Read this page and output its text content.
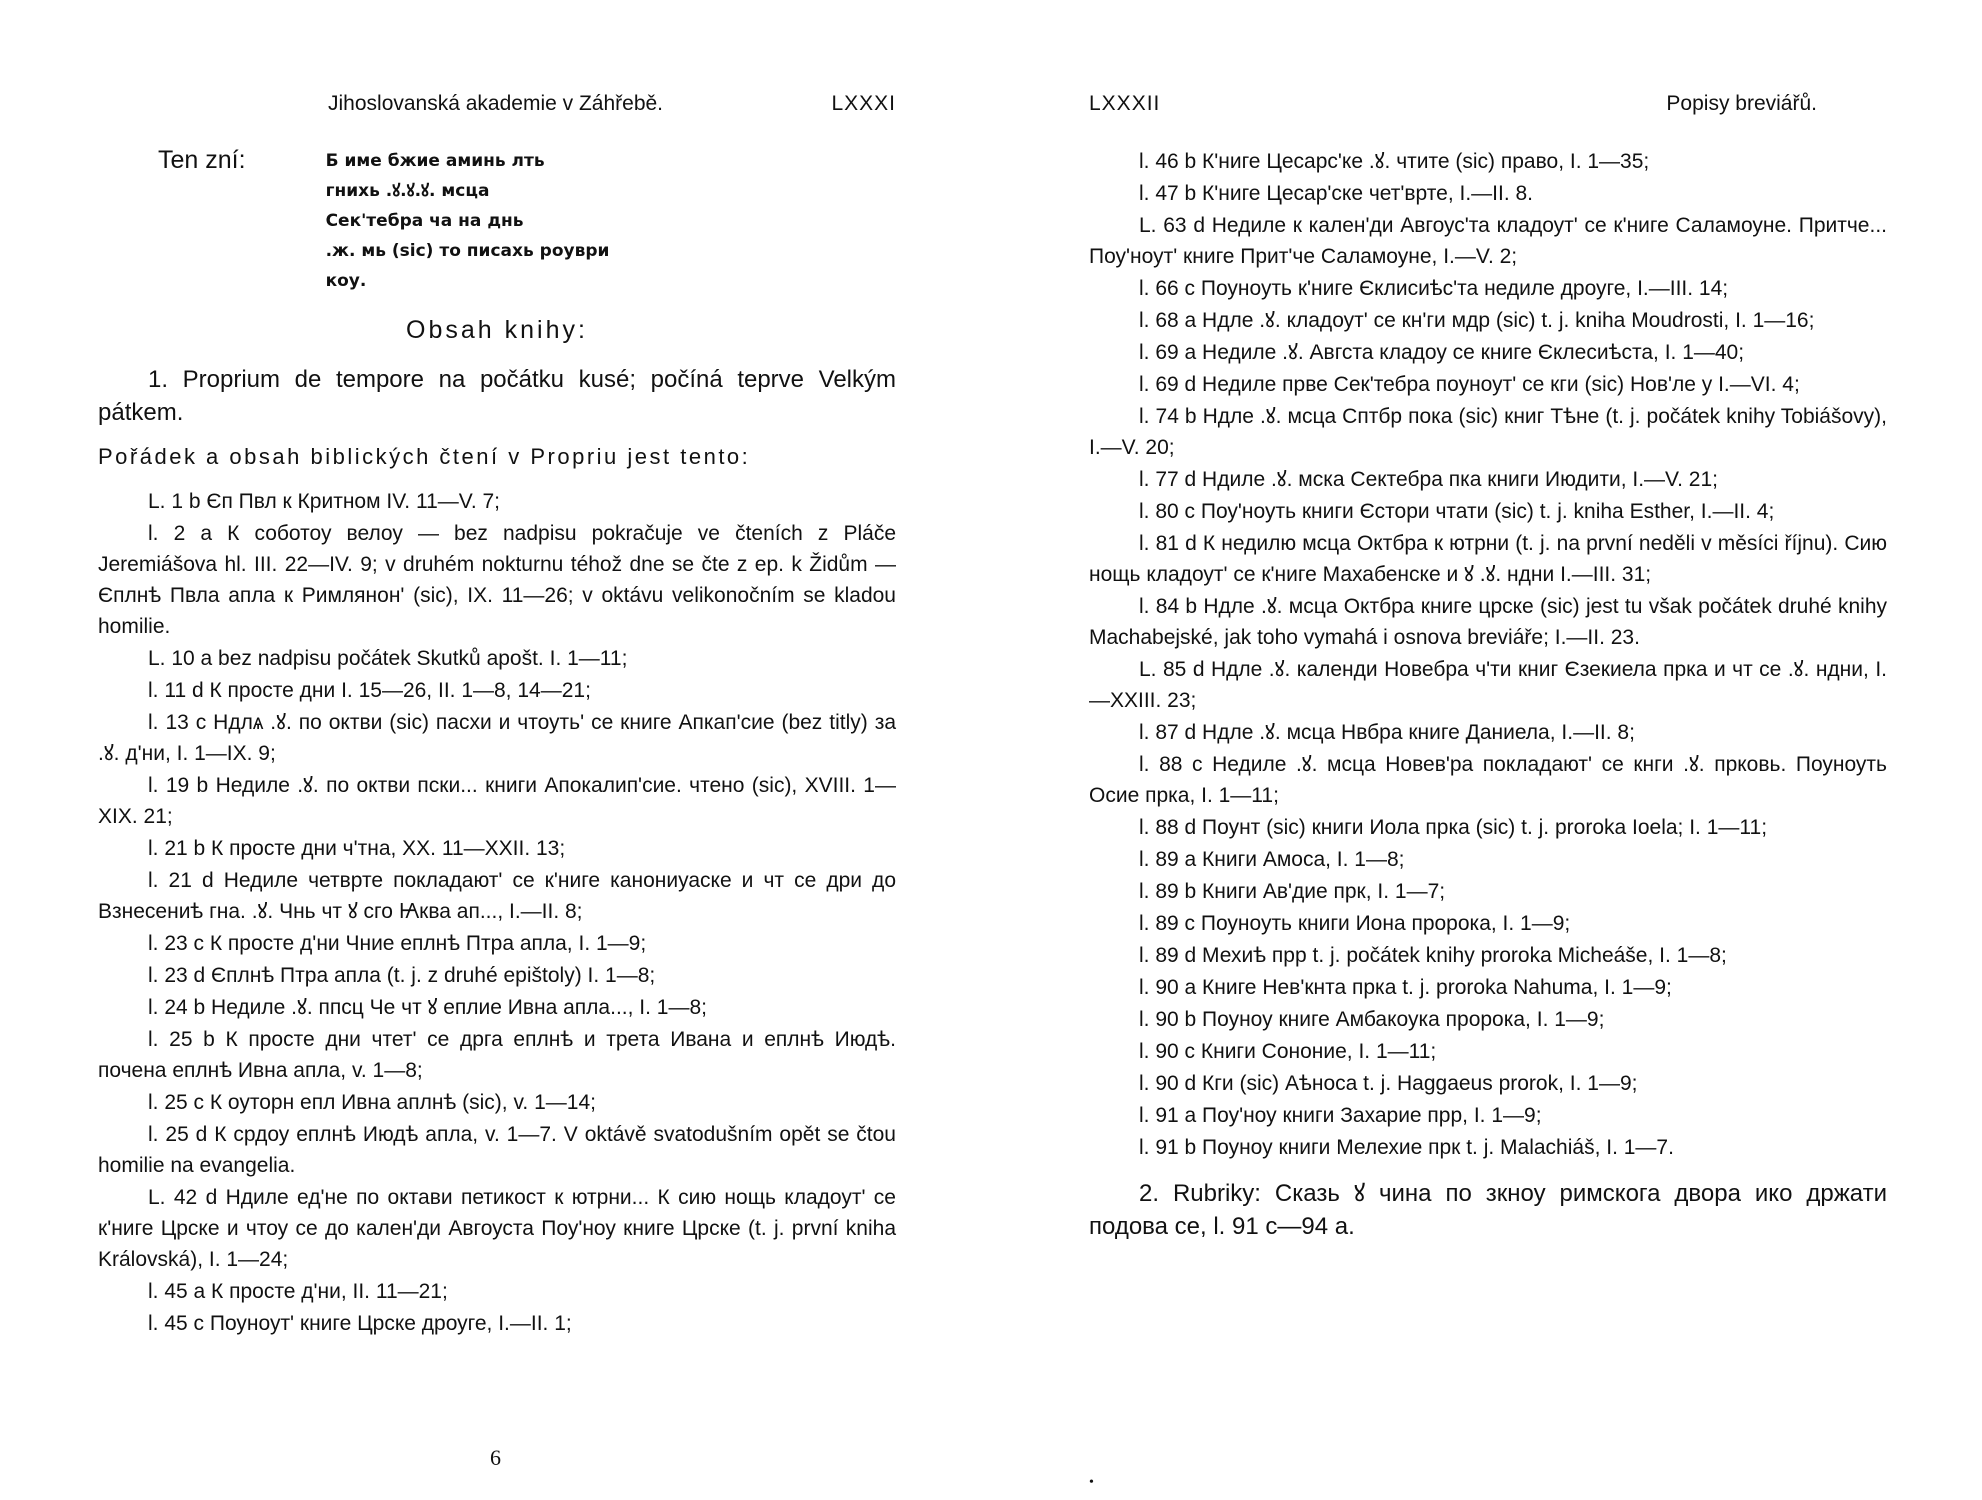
Jihoslovanská akademie v Záhřebě.	LXXXI
Ten zní:	Б име бжие аминь лть
гнихь .ꙋ.ꙋ.ꙋ. мсца
Сек'тебра ча на днь
.ж. мь (sic) то писахь роуври
коу.
Obsah knihy:

1. Proprium de tempore na počátku kusé; počíná teprve Velkým pátkem.

Pořádek a obsah biblických čtení v Propriu jest tento:

L. 1 b Єп Пвл к Критном IV. 11—V. 7;

l. 2 a К соботоу велоу — bez nadpisu pokračuje ve čteních z Pláče Jeremiášova hl. III. 22—IV. 9; v druhém nokturnu téhož dne se čte z ep. k Židům — Єплнѣ Пвла апла к Римлянон' (sic), IX. 11—26; v oktávu velikonočním se kladou homilie.

L. 10 a bez nadpisu počátek Skutků apošt. I. 1—11;

l. 11 d К просте дни I. 15—26, II. 1—8, 14—21;

l. 13 c Ндлѧ .ꙋ. по октви (sic) пасхи и чтоуть' се книге Апкап'сие (bez titly) за .ꙋ. д'ни, I. 1—IX. 9;

l. 19 b Недиле .ꙋ. по октви пски... книги Апокалип'сие. чтено (sic), XVIII. 1—XIX. 21;

l. 21 b К просте дни ч'тна, XX. 11—XXII. 13;

l. 21 d Недиле четврте покладают' се к'ниге канониуаске и чт се дри до Взнесениѣ гна. .ꙋ. Чнь чт ꙋ сго Ꙗква ап..., I.—II. 8;

l. 23 c К просте д'ни Чние еплнѣ Птра апла, I. 1—9;

l. 23 d Єплнѣ Птра апла (t. j. z druhé epištoly) I. 1—8;

l. 24 b Недиле .ꙋ. ппсц Че чт ꙋ еплие Ивна апла..., I. 1—8;

l. 25 b К просте дни чтет' се дрга еплнѣ и трета Ивана и еплнѣ Июдѣ. почена еплнѣ Ивна апла, v. 1—8;

l. 25 c К оуторн епл Ивна аплнѣ (sic), v. 1—14;

l. 25 d К срдоу еплнѣ Июдѣ апла, v. 1—7. V oktávě svatodušním opět se čtou homilie na evangelia.

L. 42 d Ндиле ед'не по октави петикост к ютрни... К сию нощь кладоут' се к'ниге Црске и чтоу се до кален'ди Авгоуста Поу'ноу книге Црске (t. j. první kniha Královská), I. 1—24;

l. 45 a К просте д'ни, II. 11—21;

l. 45 c Поуноут' книге Црске дроуге, I.—II. 1;

6
LXXXII	Popisy breviářů.

l. 46 b К'ниге Цесарс'ке .ꙋ. чтите (sic) право, I. 1—35;

l. 47 b К'ниге Цесар'ске чет'врте, I.—II. 8.

L. 63 d Недиле к кален'ди Авгоус'та кладоут' се к'ниге Саламоуне. Притче... Поу'ноут' книге Прит'че Саламоуне, I.—V. 2;

l. 66 c Поуноуть к'ниге Єклисиѣс'та недиле дроуге, I.—III. 14;

l. 68 a Ндле .ꙋ. кладоут' се кн'ги мдр (sic) t. j. kniha Moudrosti, I. 1—16;

l. 69 a Недиле .ꙋ. Авгста кладоу се книге Єклесиѣста, I. 1—40;

l. 69 d Недиле прве Сек'тебра поуноут' се кги (sic) Нов'ле у I.—VI. 4;

l. 74 b Ндле .ꙋ. мсца Сптбр пока (sic) книг Тѣне (t. j. počátek knihy Tobiášovy), I.—V. 20;

l. 77 d Ндиле .ꙋ. мска Сектебра пка книги Июдити, I.—V. 21;

l. 80 c Поу'ноуть книги Єстори чтати (sic) t. j. kniha Esther, I.—II. 4;

l. 81 d К недилю мсца Октбра к ютрни (t. j. na první neděli v měsíci říjnu). Сию нощь кладоут' се к'ниге Махабенске и ꙋ .ꙋ. ндни I.—III. 31;

l. 84 b Ндле .ꙋ. мсца Октбра книге црске (sic) jest tu však počátek druhé knihy Machabejské, jak toho vymahá i osnova breviáře; I.—II. 23.

L. 85 d Ндле .ꙋ. календи Новебра ч'ти книг Єзекиела прка и чт се .ꙋ. ндни, I.—XXIII. 23;

l. 87 d Ндле .ꙋ. мсца Нвбра книге Даниела, I.—II. 8;

l. 88 c Недиле .ꙋ. мсца Новев'ра покладают' се кнги .ꙋ. прковь. Поуноуть Осие прка, I. 1—11;

l. 88 d Поунт (sic) книги Иола прка (sic) t. j. proroka Ioela; I. 1—11;

l. 89 a Книги Амоса, I. 1—8;

l. 89 b Книги Ав'дие прк, I. 1—7;

l. 89 c Поуноуть книги Иона пророка, I. 1—9;

l. 89 d Мехиѣ прр t. j. počátek knihy proroka Micheáše, I. 1—8;

l. 90 a Книге Нев'кнта прка t. j. proroka Nahuma, I. 1—9;

l. 90 b Поуноу книге Амбакоука пророка, I. 1—9;

l. 90 c Книги Сононие, I. 1—11;

l. 90 d Кги (sic) Аѣноса t. j. Haggaeus prorok, I. 1—9;

l. 91 a Поу'ноу книги Захарие прр, I. 1—9;

l. 91 b Поуноу книги Мелехие прк t. j. Malachiáš, I. 1—7.

2. Rubriky: Сказь ꙋ чина по зкноу римскога двора ико држати подова се, l. 91 c—94 a.

•
